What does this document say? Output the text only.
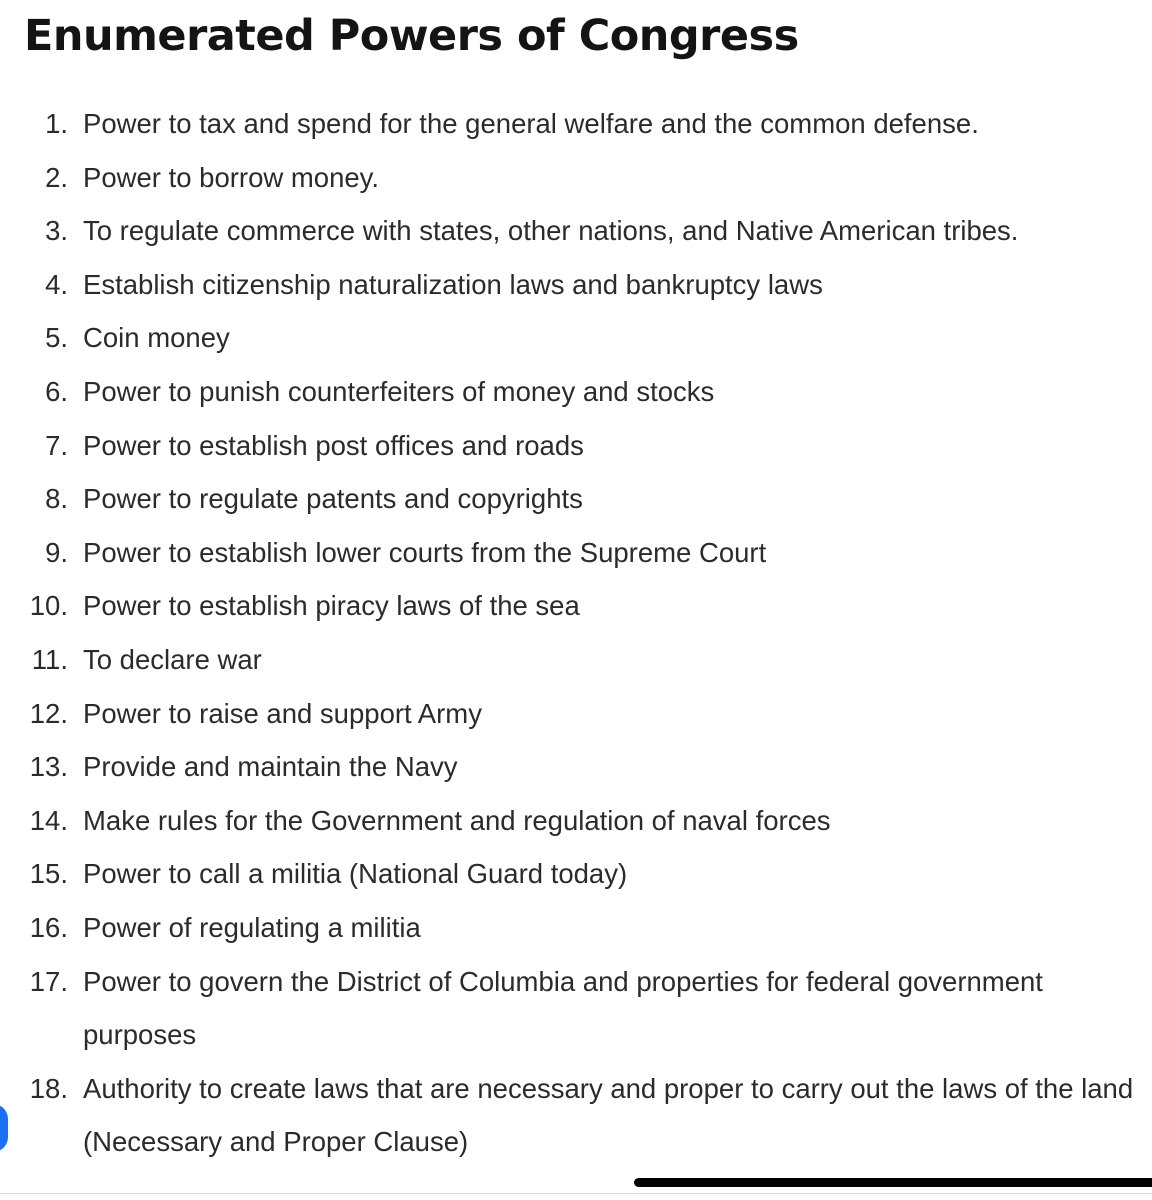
Enumerated Powers of Congress
1. Power to tax and spend for the general welfare and the common defense.
2. Power to borrow money.
3. To regulate commerce with states, other nations, and Native American tribes.
4. Establish citizenship naturalization laws and bankruptcy laws
5. Coin money
6. Power to punish counterfeiters of money and stocks
7. Power to establish post offices and roads
8. Power to regulate patents and copyrights
9. Power to establish lower courts from the Supreme Court
10. Power to establish piracy laws of the sea
11. To declare war
12. Power to raise and support Army
13. Provide and maintain the Navy
14. Make rules for the Government and regulation of naval forces
15. Power to call a militia (National Guard today)
16. Power of regulating a militia
17. Power to govern the District of Columbia and properties for federal government purposes
18. Authority to create laws that are necessary and proper to carry out the laws of the land (Necessary and Proper Clause)
